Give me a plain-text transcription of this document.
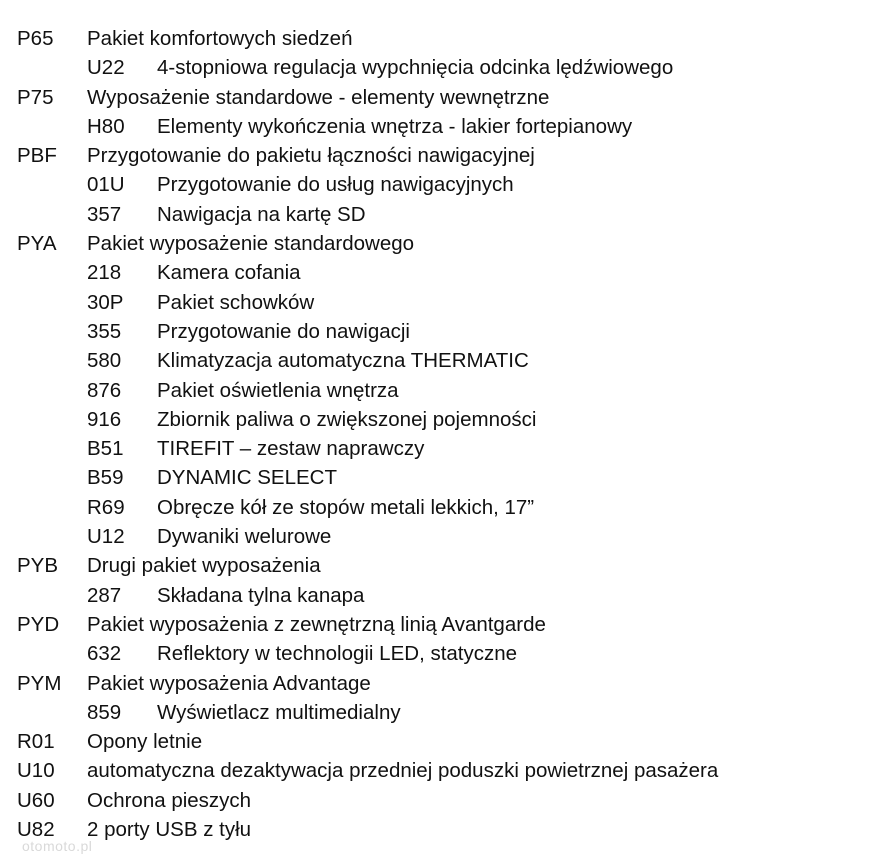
P65 Pakiet komfortowych siedzeń
U22 4-stopniowa regulacja wypchnięcia odcinka lędźwiowego
P75 Wyposażenie standardowe - elementy wewnętrzne
H80 Elementy wykończenia wnętrza - lakier fortepianowy
PBF Przygotowanie do pakietu łączności nawigacyjnej
01U Przygotowanie do usług nawigacyjnych
357 Nawigacja na kartę SD
PYA Pakiet wyposażenie standardowego
218 Kamera cofania
30P Pakiet schowków
355 Przygotowanie do nawigacji
580 Klimatyzacja automatyczna THERMATIC
876 Pakiet oświetlenia wnętrza
916 Zbiornik paliwa o zwiększonej pojemności
B51 TIREFIT – zestaw naprawczy
B59 DYNAMIC SELECT
R69 Obręcze kół ze stopów metali lekkich, 17”
U12 Dywaniki welurowe
PYB Drugi pakiet wyposażenia
287 Składana tylna kanapa
PYD Pakiet wyposażenia z zewnętrzną linią Avantgarde
632 Reflektory w technologii LED, statyczne
PYM Pakiet wyposażenia Advantage
859 Wyświetlacz multimedialny
R01 Opony letnie
U10 automatyczna dezaktywacja przedniej poduszki powietrznej pasażera
U60 Ochrona pieszych
U82 2 porty USB z tyłu
otomoto.pl
